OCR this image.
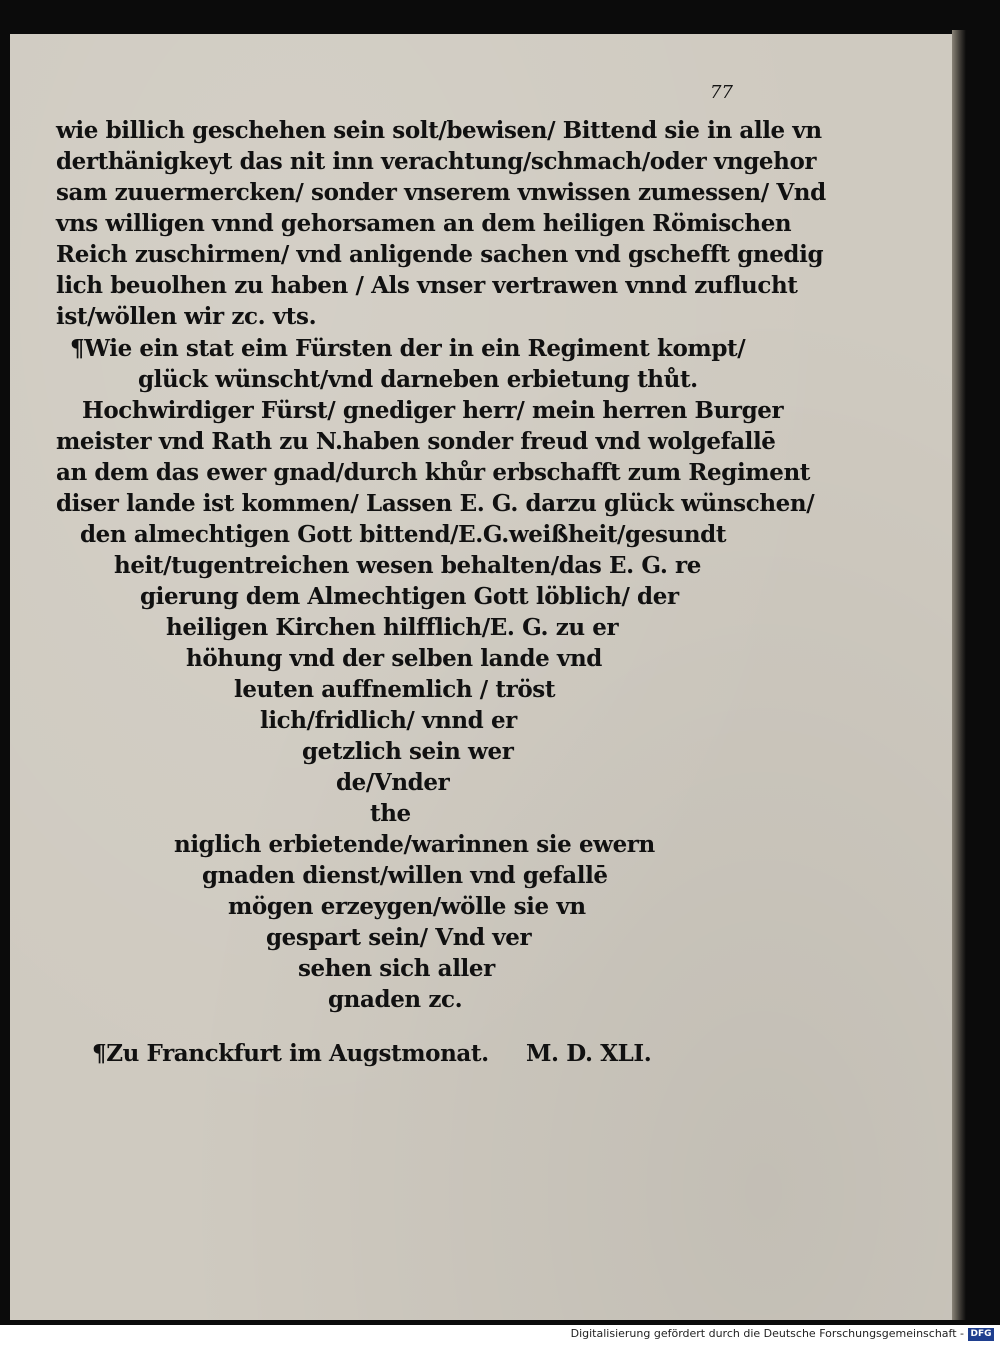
77
wie billich geschehen sein solt/bewisen/ Bittend sie in alle vn
derthänigkeyt das nit inn verachtung/schmach/oder vngehor
sam zuuermercken/ sonder vnserem vnwissen zumessen/ Vnd
vns willigen vnnd gehorsamen an dem heiligen Römischen
Reich zuschirmen/ vnd anligende sachen vnd gschefft gnedig
lich beuolhen zu haben / Als vnser vertrawen vnnd zuflucht
ist/wöllen wir zc. vts.
¶Wie ein stat eim Fürsten der in ein Regiment kompt/
glück wünscht/vnd darneben erbietung thůt.
Hochwirdiger Fürst/ gnediger herr/ mein herren Burger
meister vnd Rath zu N.haben sonder freud vnd wolgefallē
an dem das ewer gnad/durch khůr erbschafft zum Regiment
diser lande ist kommen/ Lassen E. G. darzu glück wünschen/
den almechtigen Gott bittend/E.G.weißheit/gesundt
heit/tugentreichen wesen behalten/das E. G. re
gierung dem Almechtigen Gott löblich/ der
heiligen Kirchen hilfflich/E. G. zu er
höhung vnd der selben lande vnd
leuten auffnemlich / tröst
lich/fridlich/ vnnd er
getzlich sein wer
de/Vnder
the
niglich erbietende/warinnen sie ewern
gnaden dienst/willen vnd gefallē
mögen erzeygen/wölle sie vn
gespart sein/ Vnd ver
sehen sich aller
gnaden zc.
¶Zu Franckfurt im Augstmonat. M. D. XLI.
Digitalisierung gefördert durch die Deutsche Forschungsgemeinschaft - DFG
